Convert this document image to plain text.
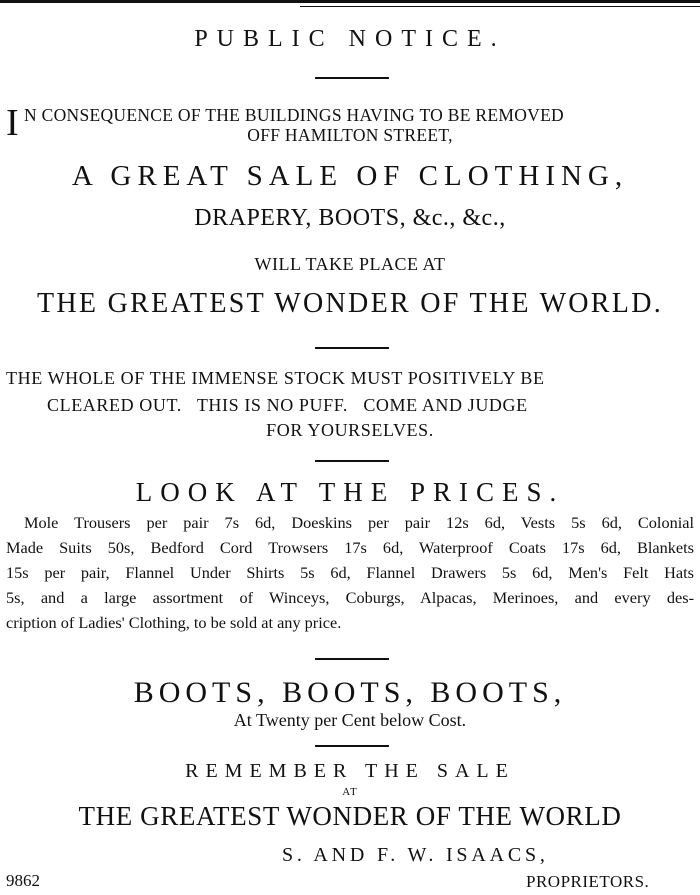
PUBLIC NOTICE.
I N CONSEQUENCE OF THE BUILDINGS HAVING TO BE REMOVED
OFF HAMILTON STREET,
A GREAT SALE OF CLOTHING,
DRAPERY, BOOTS, &c., &c.,
WILL TAKE PLACE AT
THE GREATEST WONDER OF THE WORLD.
THE WHOLE OF THE IMMENSE STOCK MUST POSITIVELY BE
CLEARED OUT.   THIS IS NO PUFF.   COME AND JUDGE
FOR YOURSELVES.
LOOK AT THE PRICES.
Mole Trousers per pair 7s 6d, Doeskins per pair 12s 6d, Vests 5s 6d, Colonial
Made Suits 50s, Bedford Cord Trowsers 17s 6d, Waterproof Coats 17s 6d, Blankets
15s per pair, Flannel Under Shirts 5s 6d, Flannel Drawers 5s 6d, Men's Felt Hats
5s, and a large assortment of Winceys, Coburgs, Alpacas, Merinoes, and every des-
cription of Ladies' Clothing, to be sold at any price.
BOOTS, BOOTS, BOOTS,
At Twenty per Cent below Cost.
REMEMBER THE SALE
AT
THE GREATEST WONDER OF THE WORLD
S. AND F. W. ISAACS,
9862	PROPRIETORS.
